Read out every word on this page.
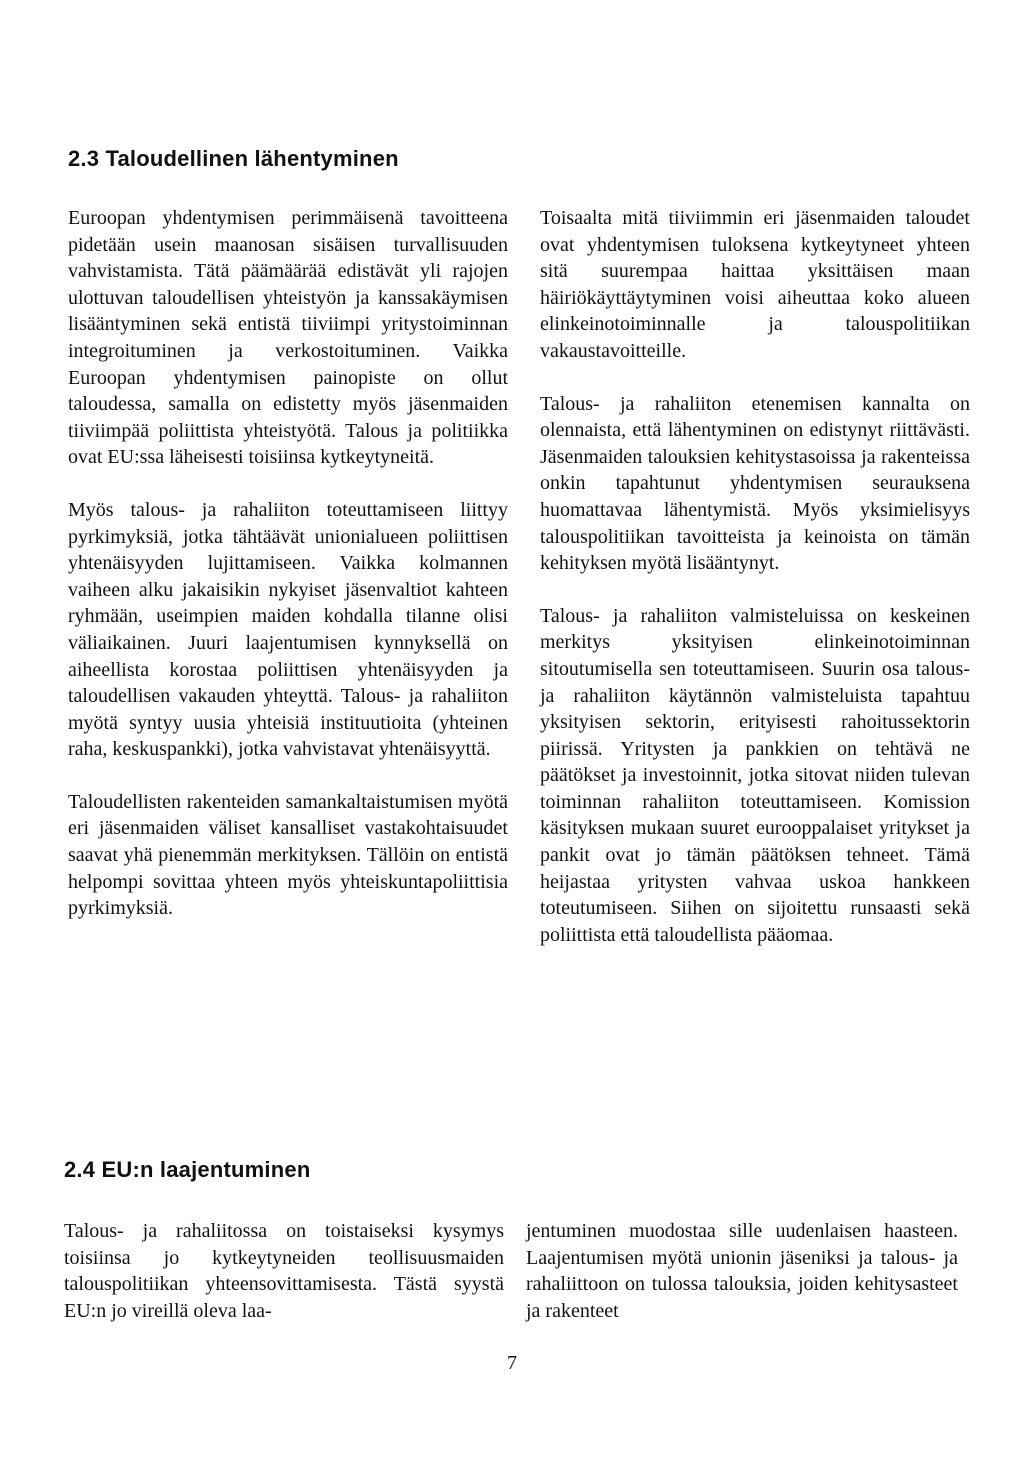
2.3 Taloudellinen lähentyminen

Euroopan yhdentymisen perimmäisenä tavoitteena pidetään usein maanosan sisäisen turvallisuuden vahvistamista. Tätä päämäärää edistävät yli rajojen ulottuvan taloudellisen yhteistyön ja kanssakäymisen lisääntyminen sekä entistä tiiviimpi yritystoiminnan integroituminen ja verkostoituminen. Vaikka Euroopan yhdentymisen painopiste on ollut taloudessa, samalla on edistetty myös jäsenmaiden tiiviimpää poliittista yhteistyötä. Talous ja politiikka ovat EU:ssa läheisesti toisiinsa kytkeytyneitä.

Myös talous- ja rahaliiton toteuttamiseen liittyy pyrkimyksiä, jotka tähtäävät unionialueen poliittisen yhtenäisyyden lujittamiseen. Vaikka kolmannen vaiheen alku jakaisikin nykyiset jäsenvaltiot kahteen ryhmään, useimpien maiden kohdalla tilanne olisi väliaikainen. Juuri laajentumisen kynnyksellä on aiheellista korostaa poliittisen yhtenäisyyden ja taloudellisen vakauden yhteyttä. Talous- ja rahaliiton myötä syntyy uusia yhteisiä instituutioita (yhteinen raha, keskuspankki), jotka vahvistavat yhtenäisyyttä.

Taloudellisten rakenteiden samankaltaistumisen myötä eri jäsenmaiden väliset kansalliset vastakohtaisuudet saavat yhä pienemmän merkityksen. Tällöin on entistä helpompi sovittaa yhteen myös yhteiskuntapoliittisia pyrkimyksiä.

Toisaalta mitä tiiviimmin eri jäsenmaiden taloudet ovat yhdentymisen tuloksena kytkeytyneet yhteen sitä suurempaa haittaa yksittäisen maan häiriökäyttäytyminen voisi aiheuttaa koko alueen elinkeinotoiminnalle ja talouspolitiikan vakaustavoitteille.

Talous- ja rahaliiton etenemisen kannalta on olennaista, että lähentyminen on edistynyt riittävästi. Jäsenmaiden talouksien kehitystasoissa ja rakenteissa onkin tapahtunut yhdentymisen seurauksena huomattavaa lähentymistä. Myös yksimielisyys talouspolitiikan tavoitteista ja keinoista on tämän kehityksen myötä lisääntynyt.

Talous- ja rahaliiton valmisteluissa on keskeinen merkitys yksityisen elinkeinotoiminnan sitoutumisella sen toteuttamiseen. Suurin osa talous- ja rahaliiton käytännön valmisteluista tapahtuu yksityisen sektorin, erityisesti rahoitussektorin piirissä. Yritysten ja pankkien on tehtävä ne päätökset ja investoinnit, jotka sitovat niiden tulevan toiminnan rahaliiton toteuttamiseen. Komission käsityksen mukaan suuret eurooppalaiset yritykset ja pankit ovat jo tämän päätöksen tehneet. Tämä heijastaa yritysten vahvaa uskoa hankkeen toteutumiseen. Siihen on sijoitettu runsaasti sekä poliittista että taloudellista pääomaa.

2.4 EU:n laajentuminen

Talous- ja rahaliitossa on toistaiseksi kysymys toisiinsa jo kytkeytyneiden teollisuusmaiden talouspolitiikan yhteensovittamisesta. Tästä syystä EU:n jo vireillä oleva laa-

jentuminen muodostaa sille uudenlaisen haasteen. Laajentumisen myötä unionin jäseniksi ja talous- ja rahaliittoon on tulossa talouksia, joiden kehitysasteet ja rakenteet

7
